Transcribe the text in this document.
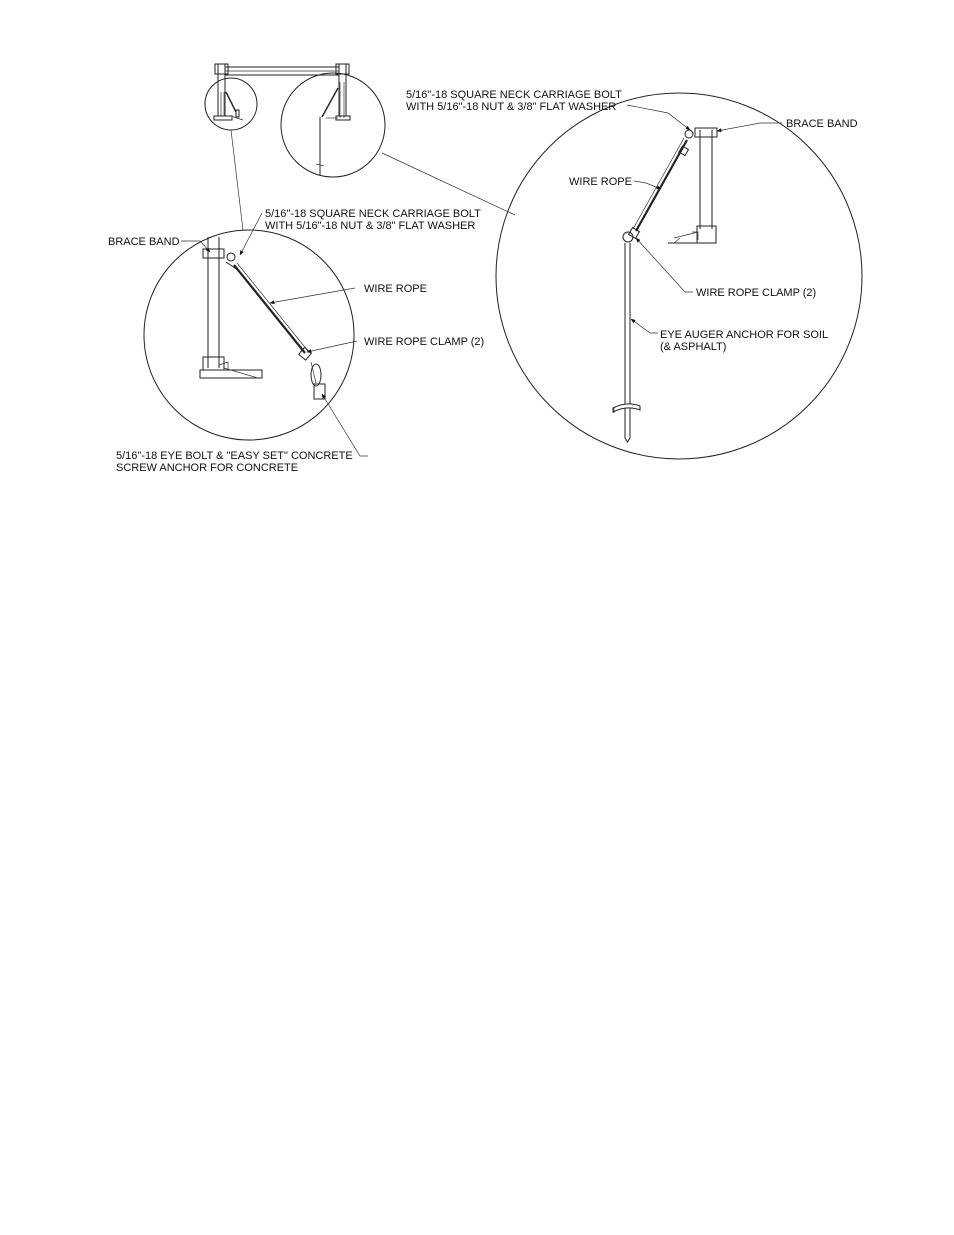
5/16"-18 SQUARE NECK CARRIAGE BOLT
WITH 5/16"-18 NUT & 3/8" FLAT WASHER
BRACE BAND
WIRE ROPE
WIRE ROPE CLAMP (2)
EYE AUGER ANCHOR FOR SOIL
(& ASPHALT)
5/16"-18 SQUARE NECK CARRIAGE BOLT
WITH 5/16"-18 NUT & 3/8" FLAT WASHER
BRACE BAND
WIRE ROPE
WIRE ROPE CLAMP (2)
5/16"-18 EYE BOLT & "EASY SET" CONCRETE
SCREW ANCHOR FOR CONCRETE
